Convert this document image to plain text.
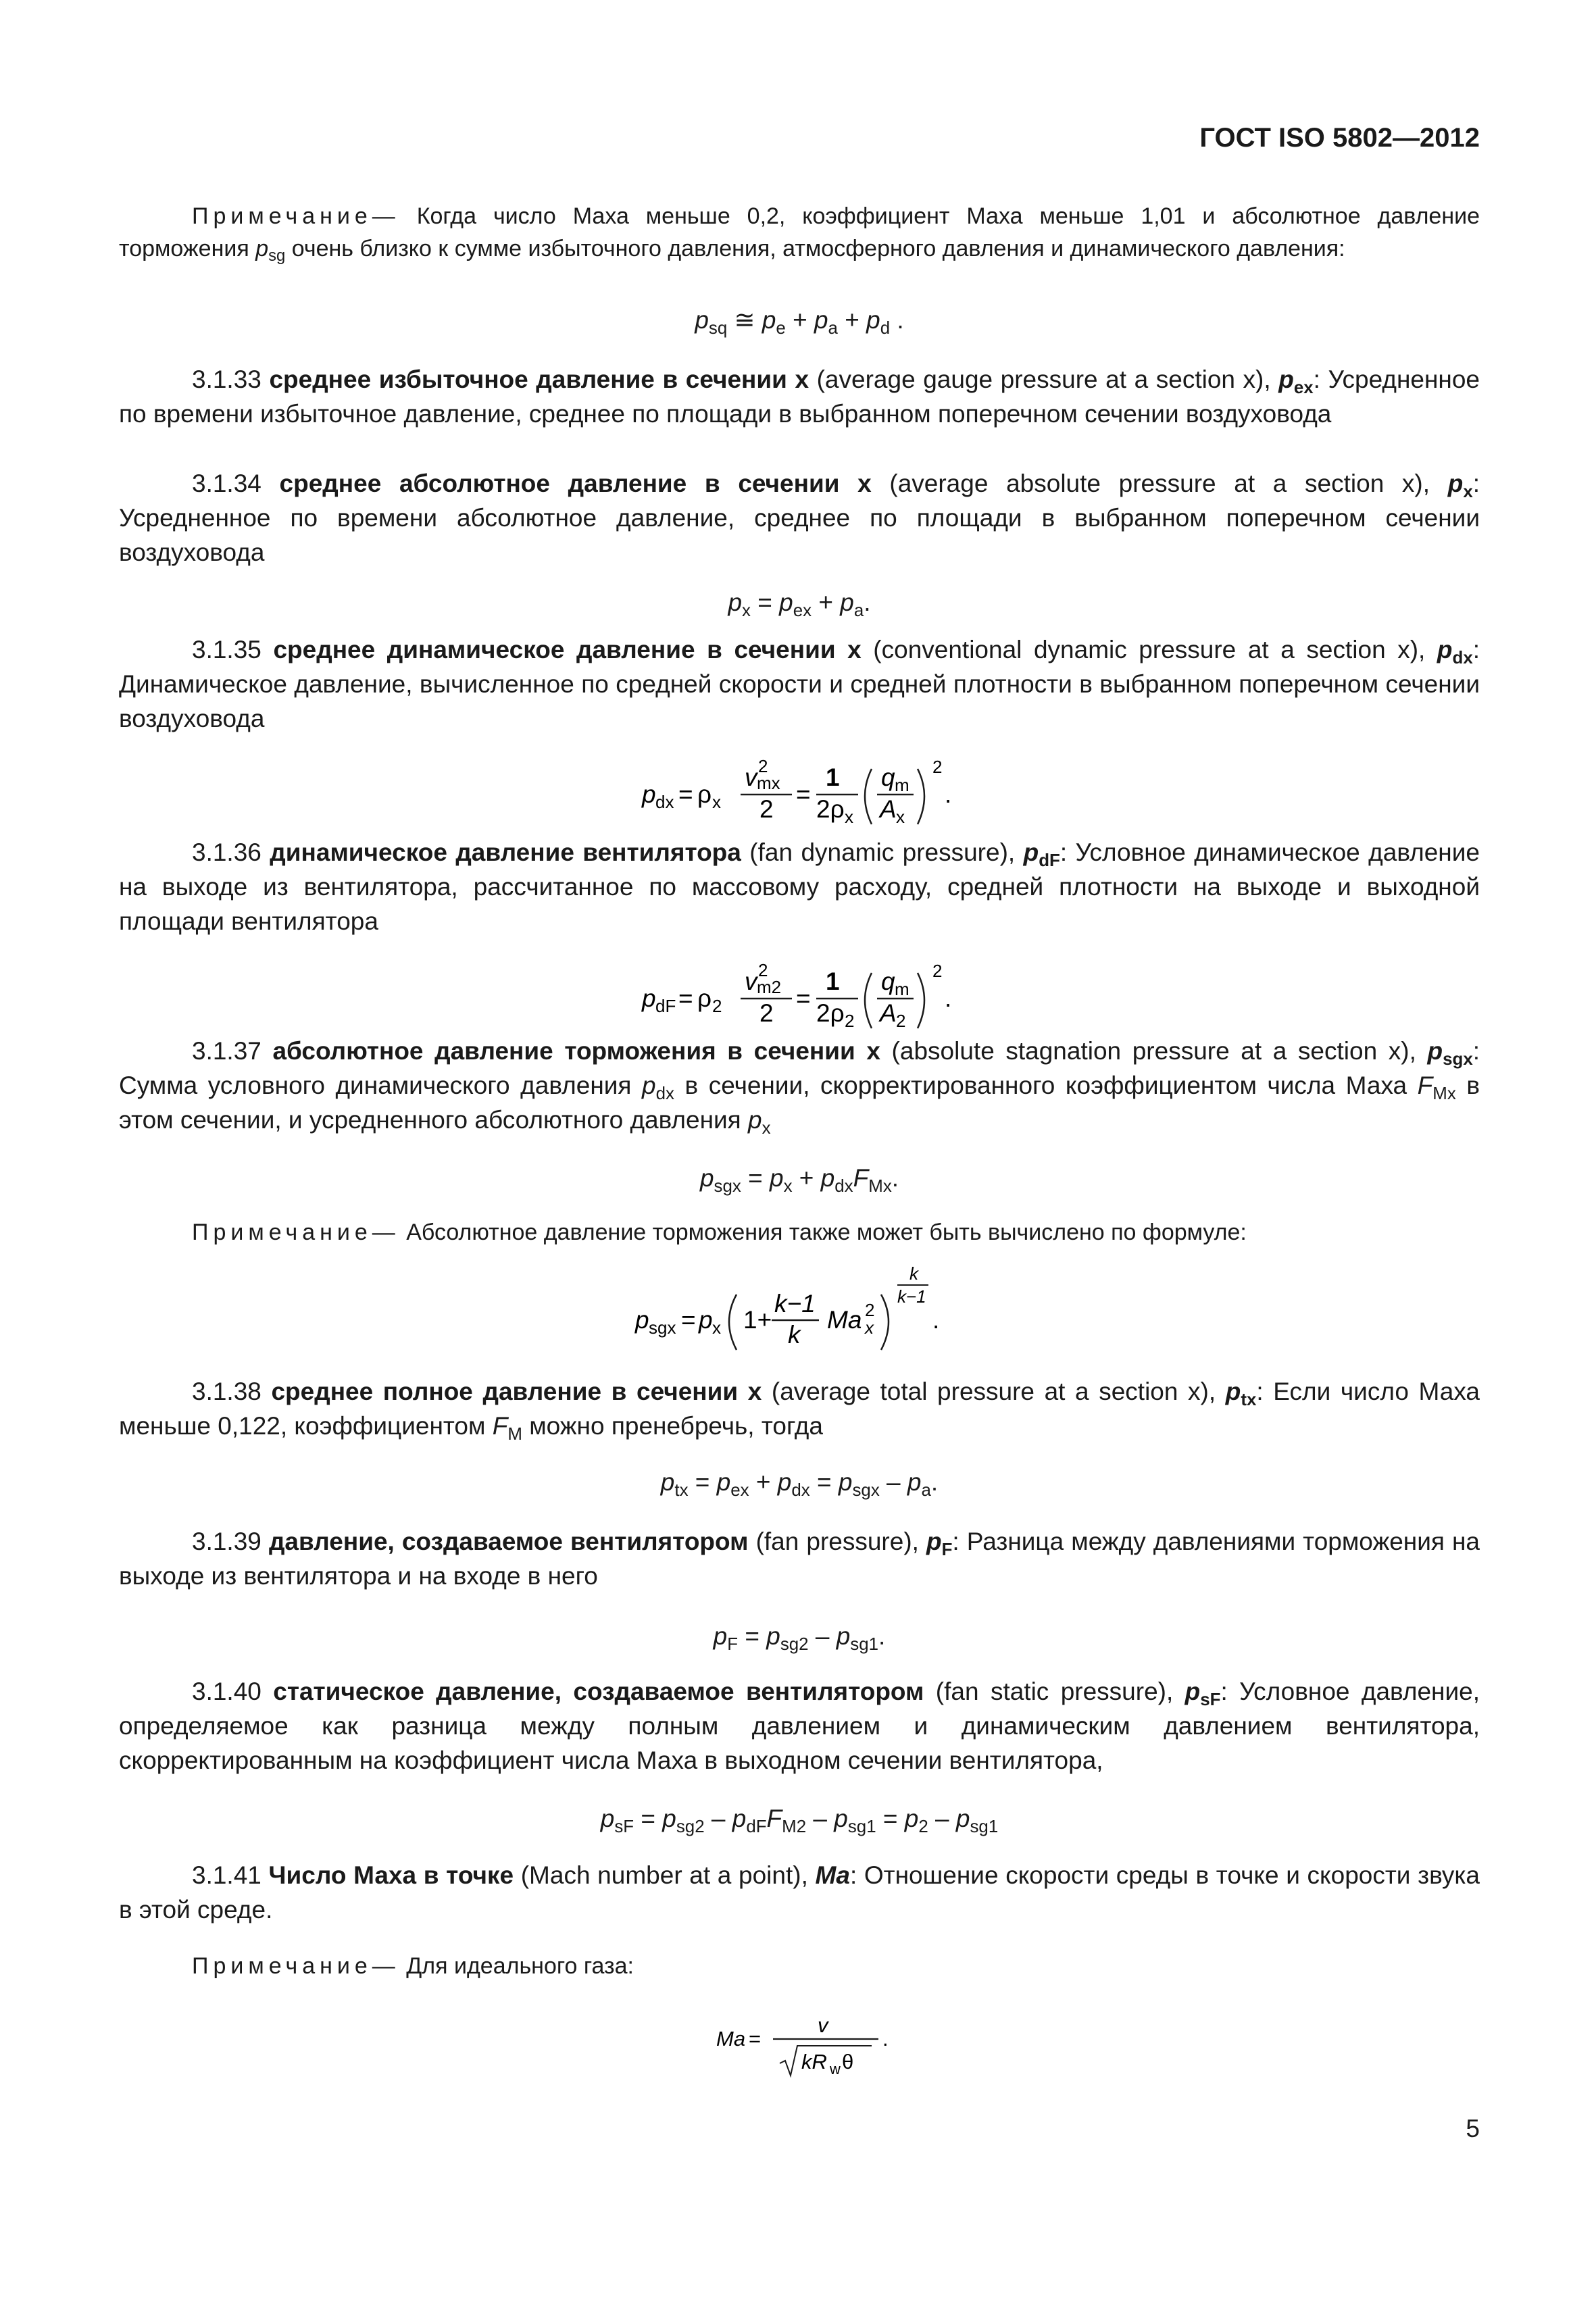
ГОСТ ISO 5802—2012

Примечание— Когда число Маха меньше 0,2, коэффициент Маха меньше 1,01 и абсолютное давление торможения $p_{sg}$ очень близко к сумме избыточного давления, атмосферного давления и динамического давления:

$p_{sq}$ ≅ $p_e + p_a + p_d$ .

3.1.33 среднее избыточное давление в сечении x (average gauge pressure at a section x), $p_{ex}$: Усредненное по времени избыточное давление, среднее по площади в выбранном поперечном сечении воздуховода

3.1.34 среднее абсолютное давление в сечении x (average absolute pressure at a section x), $p_x$: Усредненное по времени абсолютное давление, среднее по площади в выбранном поперечном сечении воздуховода

$p_x = p_{ex} + p_a$.

3.1.35 среднее динамическое давление в сечении x (conventional dynamic pressure at a section x), $p_{dx}$: Динамическое давление, вычисленное по средней скорости и средней плотности в выбранном поперечном сечении воздуховода

p dx = ρ x
v 2
mx
2
=
1
2ρ x
q m
A x
2
.

3.1.36 динамическое давление вентилятора (fan dynamic pressure), $p_{dF}$: Условное динамическое давление на выходе из вентилятора, рассчитанное по массовому расходу, средней плотности на выходе и выходной площади вентилятора

p dF = ρ 2
v 2
m2
2
=
1
2ρ 2
q m
A 2
2
.

3.1.37 абсолютное давление торможения в сечении x (absolute stagnation pressure at a section x), $p_{sgx}$: Сумма условного динамического давления $p_{dx}$ в сечении, скорректированного коэффициентом числа Маха $F_{Mx}$ в этом сечении, и усредненного абсолютного давления $p_x$

$p_{sgx} = p_x + p_{dx}F_{Mx}$.

Примечание— Абсолютное давление торможения также может быть вычислено по формуле:

p sgx = p x 1+
k−1
k
Ma 2
x
k
k−1
.

3.1.38 среднее полное давление в сечении x (average total pressure at a section x), $p_{tx}$: Если число Маха меньше 0,122, коэффициентом $F_M$ можно пренебречь, тогда

$p_{tx} = p_{ex} + p_{dx} = p_{sgx} - p_a$.

3.1.39 давление, создаваемое вентилятором (fan pressure), $p_F$: Разница между давлениями торможения на выходе из вентилятора и на входе в него

$p_F = p_{sg2} - p_{sg1}$.

3.1.40 статическое давление, создаваемое вентилятором (fan static pressure), $p_{sF}$: Условное давление, определяемое как разница между полным давлением и динамическим давлением вентилятора, скорректированным на коэффициент числа Маха в выходном сечении вентилятора,

$p_{sF} = p_{sg2} - p_{dF}F_{M2} - p_{sg1} = p_2 - p_{sg1}$

3.1.41 Число Маха в точке (Mach number at a point), Ma: Отношение скорости среды в точке и скорости звука в этой среде.

Примечание— Для идеального газа:

Ma =
v
kR w θ
.
5
